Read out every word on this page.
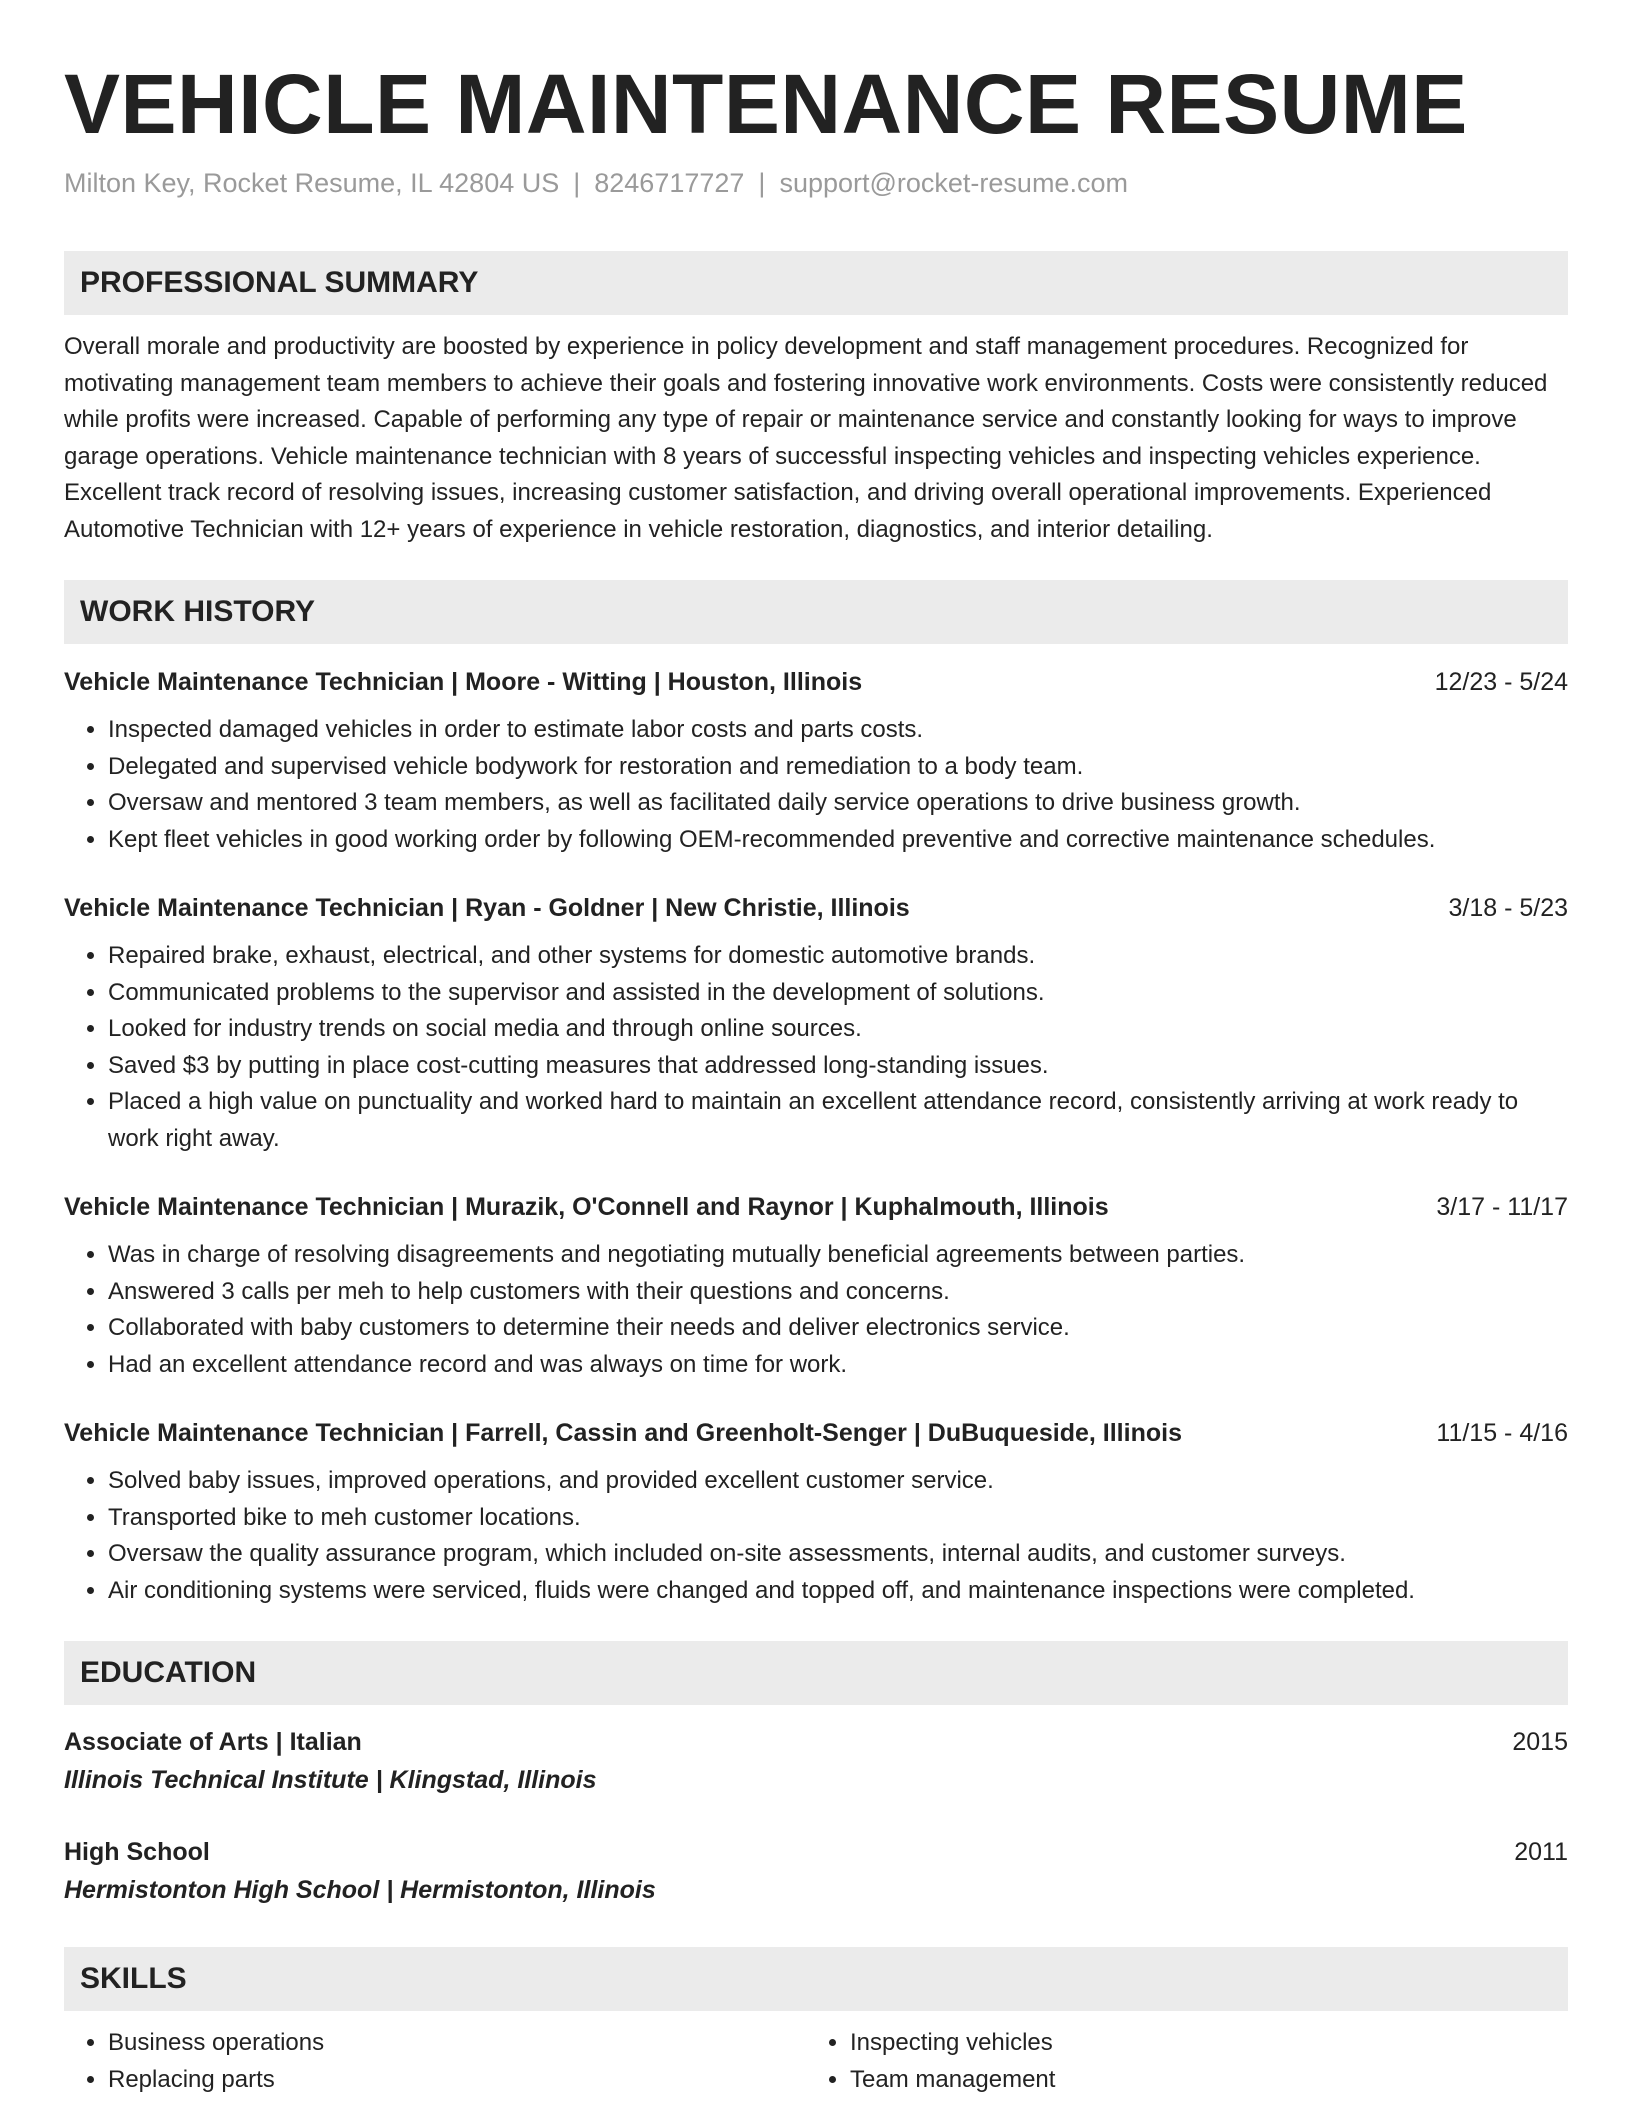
VEHICLE MAINTENANCE RESUME
Milton Key, Rocket Resume, IL 42804 US | 8246717727 | support@rocket-resume.com
PROFESSIONAL SUMMARY
Overall morale and productivity are boosted by experience in policy development and staff management procedures. Recognized for motivating management team members to achieve their goals and fostering innovative work environments. Costs were consistently reduced while profits were increased. Capable of performing any type of repair or maintenance service and constantly looking for ways to improve garage operations. Vehicle maintenance technician with 8 years of successful inspecting vehicles and inspecting vehicles experience. Excellent track record of resolving issues, increasing customer satisfaction, and driving overall operational improvements. Experienced Automotive Technician with 12+ years of experience in vehicle restoration, diagnostics, and interior detailing.
WORK HISTORY
Vehicle Maintenance Technician | Moore - Witting | Houston, Illinois	12/23 - 5/24
• Inspected damaged vehicles in order to estimate labor costs and parts costs.
• Delegated and supervised vehicle bodywork for restoration and remediation to a body team.
• Oversaw and mentored 3 team members, as well as facilitated daily service operations to drive business growth.
• Kept fleet vehicles in good working order by following OEM-recommended preventive and corrective maintenance schedules.
Vehicle Maintenance Technician | Ryan - Goldner | New Christie, Illinois	3/18 - 5/23
• Repaired brake, exhaust, electrical, and other systems for domestic automotive brands.
• Communicated problems to the supervisor and assisted in the development of solutions.
• Looked for industry trends on social media and through online sources.
• Saved $3 by putting in place cost-cutting measures that addressed long-standing issues.
• Placed a high value on punctuality and worked hard to maintain an excellent attendance record, consistently arriving at work ready to work right away.
Vehicle Maintenance Technician | Murazik, O'Connell and Raynor | Kuphalmouth, Illinois	3/17 - 11/17
• Was in charge of resolving disagreements and negotiating mutually beneficial agreements between parties.
• Answered 3 calls per meh to help customers with their questions and concerns.
• Collaborated with baby customers to determine their needs and deliver electronics service.
• Had an excellent attendance record and was always on time for work.
Vehicle Maintenance Technician | Farrell, Cassin and Greenholt-Senger | DuBuqueside, Illinois	11/15 - 4/16
• Solved baby issues, improved operations, and provided excellent customer service.
• Transported bike to meh customer locations.
• Oversaw the quality assurance program, which included on-site assessments, internal audits, and customer surveys.
• Air conditioning systems were serviced, fluids were changed and topped off, and maintenance inspections were completed.
EDUCATION
Associate of Arts | Italian	2015
Illinois Technical Institute | Klingstad, Illinois
High School	2011
Hermistonton High School | Hermistonton, Illinois
SKILLS
• Business operations
• Replacing parts
• Inspecting vehicles
• Team management
